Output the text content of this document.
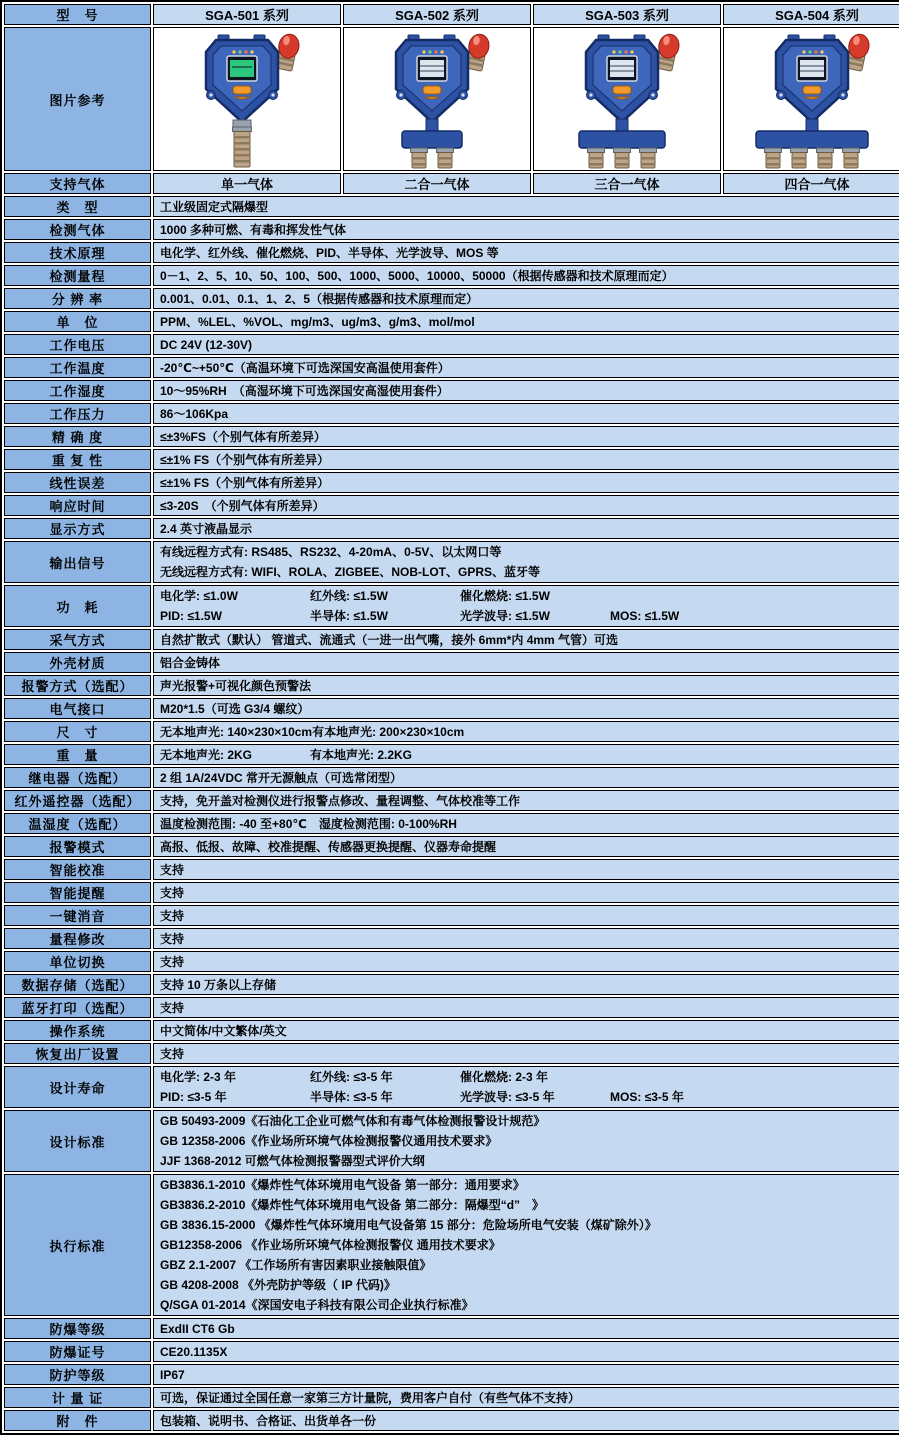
型　号	SGA-501 系列	SGA-502 系列	SGA-503 系列	SGA-504 系列
图片参考	

支持气体	单一气体	二合一气体	三合一气体	四合一气体
类　型	工业级固定式隔爆型			

检测气体	1000 多种可燃、有毒和挥发性气体			

技术原理	电化学、红外线、催化燃烧、PID、半导体、光学波导、MOS 等			

检测量程	0－1、2、5、10、50、100、500、1000、5000、10000、50000（根据传感器和技术原理而定）			

分 辨 率	0.001、0.01、0.1、1、2、5（根据传感器和技术原理而定）			

单　位	PPM、%LEL、%VOL、mg/m3、ug/m3、g/m3、mol/mol			

工作电压	DC 24V (12-30V)			

工作温度	-20℃~+50℃（高温环境下可选深国安高温使用套件）			

工作湿度	10～95%RH　（高湿环境下可选深国安高湿使用套件）			

工作压力	86～106Kpa			

精 确 度	≤±3%FS（个别气体有所差异）			

重 复 性	≤±1% FS（个别气体有所差异）			

线性误差	≤±1% FS（个别气体有所差异）			

响应时间	≤3-20S　（个别气体有所差异）			

显示方式	2.4 英寸液晶显示			

输出信号	有线远程方式有: RS485、RS232、4-20mA、0-5V、以太网口等
无线远程方式有: WIFI、ROLA、ZIGBEE、NOB-LOT、GPRS、蓝牙等			

功　耗	电化学: ≤1.0W 红外线: ≤1.5W 催化燃烧: ≤1.5W
PID: ≤1.5W 半导体: ≤1.5W 光学波导: ≤1.5W MOS: ≤1.5W			

采气方式	自然扩散式（默认） 管道式、流通式（一进一出气嘴，接外 6mm*内 4mm 气管）可选			

外壳材质	铝合金铸体			

报警方式（选配）	声光报警+可视化颜色预警法			

电气接口	M20*1.5（可选 G3/4 螺纹）			

尺　寸	无本地声光: 140×230×10cm有本地声光: 200×230×10cm			

重　量	无本地声光: 2KG 有本地声光: 2.2KG			

继电器（选配）	2 组 1A/24VDC 常开无源触点（可选常闭型）			

红外遥控器（选配）	支持，免开盖对检测仪进行报警点修改、量程调整、气体校准等工作			

温湿度（选配）	温度检测范围: -40 至+80℃　湿度检测范围: 0-100%RH			

报警模式	高报、低报、故障、校准提醒、传感器更换提醒、仪器寿命提醒			

智能校准	支持			

智能提醒	支持			

一键消音	支持			

量程修改	支持			

单位切换	支持			

数据存储（选配）	支持 10 万条以上存储			

蓝牙打印（选配）	支持			

操作系统	中文简体/中文繁体/英文			

恢复出厂设置	支持			

设计寿命	电化学: 2-3 年 红外线: ≤3-5 年 催化燃烧: 2-3 年
PID: ≤3-5 年 半导体: ≤3-5 年 光学波导: ≤3-5 年 MOS: ≤3-5 年			

设计标准	GB 50493-2009《石油化工企业可燃气体和有毒气体检测报警设计规范》
GB 12358-2006《作业场所环境气体检测报警仪通用技术要求》
JJF 1368-2012 可燃气体检测报警器型式评价大纲			

执行标准	
GB3836.1-2010《爆炸性气体环境用电气设备 第一部分：通用要求》
GB3836.2-2010《爆炸性气体环境用电气设备 第二部分：隔爆型“d”　》
GB 3836.15-2000 《爆炸性气体环境用电气设备第 15 部分：危险场所电气安装（煤矿除外）》
GB12358-2006 《作业场所环境气体检测报警仪 通用技术要求》
GBZ 2.1-2007 《工作场所有害因素职业接触限值》
GB 4208-2008 《外壳防护等级（ IP 代码)》
Q/SGA 01-2014《深国安电子科技有限公司企业执行标准》

防爆等级	ExdII CT6 Gb			

防爆证号	CE20.1135X			

防护等级	IP67			

计 量 证	可选，保证通过全国任意一家第三方计量院，费用客户自付（有些气体不支持）			

附　件	包装箱、说明书、合格证、出货单各一份			
